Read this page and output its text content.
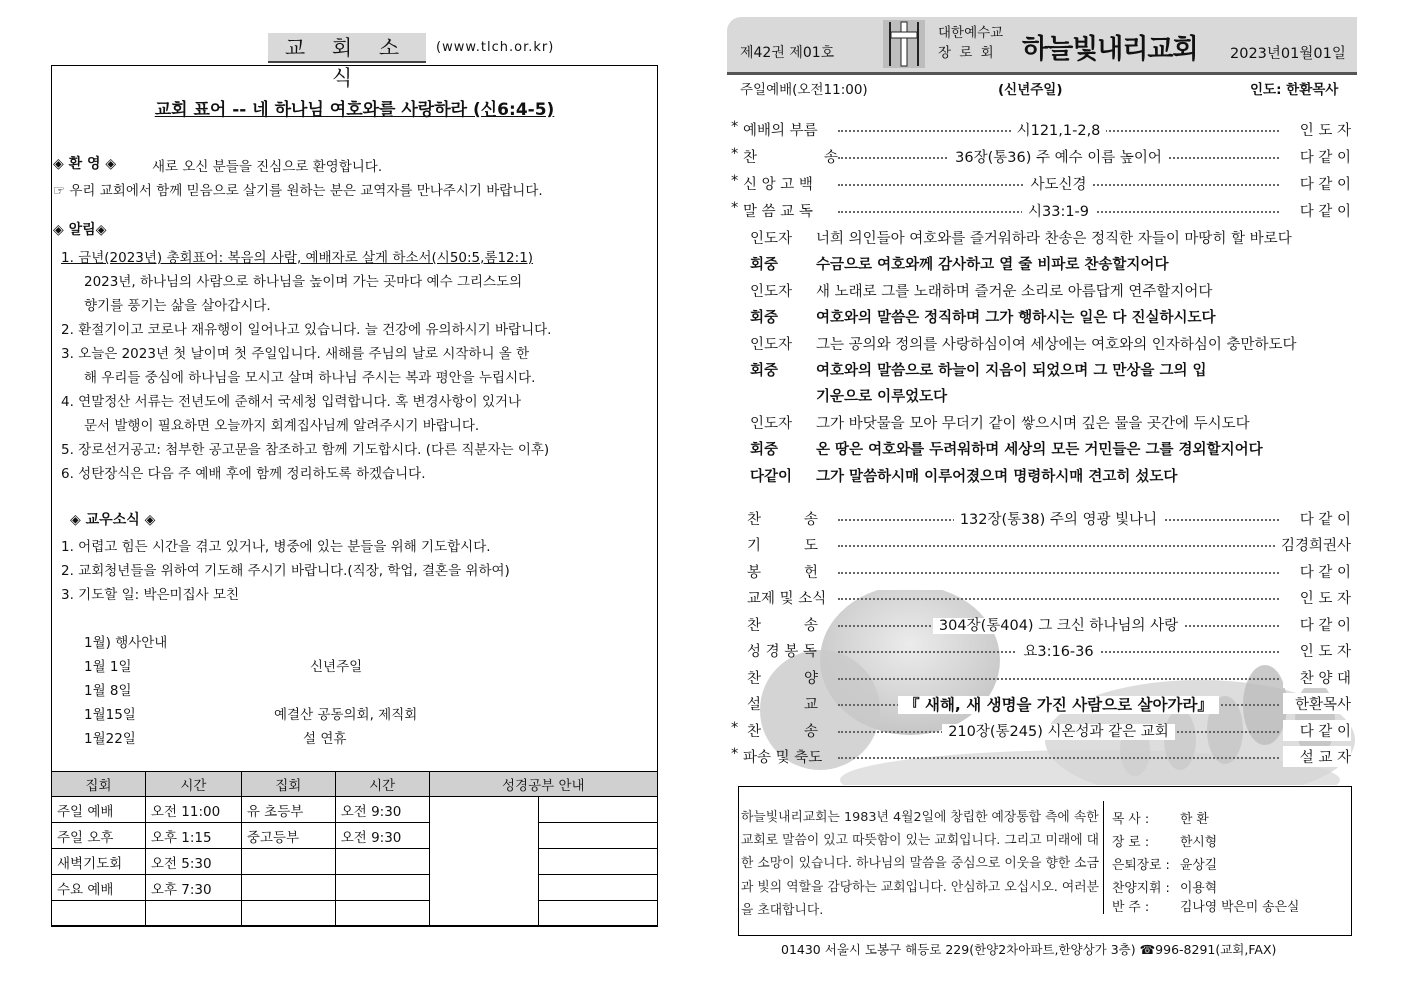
교 회 소 식
(www.tlch.or.kr)
교회 표어 -- 네 하나님 여호와를 사랑하라 (신6:4-5)
◈ 환 영 ◈	새로 오신 분들을 진심으로 환영합니다.
☞ 우리 교회에서 함께 믿음으로 살기를 원하는 분은 교역자를 만나주시기 바랍니다.
◈ 알림◈
1. 금년(2023년) 총회표어: 복음의 사람, 예배자로 살게 하소서(시50:5,롬12:1)
2023년, 하나님의 사람으로 하나님을 높이며 가는 곳마다 예수 그리스도의
향기를 풍기는 삶을 살아갑시다.
2. 환절기이고 코로나 재유행이 일어나고 있습니다. 늘 건강에 유의하시기 바랍니다.
3. 오늘은 2023년 첫 날이며 첫 주일입니다. 새해를 주님의 날로 시작하니 올 한
해 우리들 중심에 하나님을 모시고 살며 하나님 주시는 복과 평안을 누립시다.
4. 연말정산 서류는 전년도에 준해서 국세청 입력합니다. 혹 변경사항이 있거나
문서 발행이 필요하면 오늘까지 회계집사님께 알려주시기 바랍니다.
5. 장로선거공고: 첨부한 공고문을 참조하고 함께 기도합시다. (다른 직분자는 이후)
6. 성탄장식은 다음 주 예배 후에 함께 정리하도록 하겠습니다.
◈ 교우소식 ◈
1. 어렵고 힘든 시간을 겪고 있거나, 병중에 있는 분들을 위해 기도합시다.
2. 교회청년들을 위하여 기도해 주시기 바랍니다.(직장, 학업, 결혼을 위하여)
3. 기도할 일: 박은미집사 모친
1월) 행사안내
1월 1일	신년주일
1월 8일
1월15일	예결산 공동의회, 제직회
1월22일	설 연휴
집회	시간	집회	시간	성경공부 안내	
주일 예배	오전 11:00	유 초등부	오전 9:30		
주일 오후	오후 1:15	중고등부	오전 9:30		
새벽기도회	오전 5:30				
수요 예배	오후 7:30				

제42권 제01호
대한예수교
장 로 회 하늘빛내리교회 2023년01월01일
주일예배(오전11:00)	(신년주일)	인도: 한환목사
* 예배의 부름	시121,1-2,8	인 도 자
* 찬	송	36장(통36) 주 예수 이름 높이어	다 같 이
* 신 앙 고 백	사도신경	다 같 이
* 말 씀 교 독	시33:1-9	다 같 이
인도자 너희 의인들아 여호와를 즐거워하라 찬송은 정직한 자들이 마땅히 할 바로다
회중	수금으로 여호와께 감사하고 열 줄 비파로 찬송할지어다
인도자 새 노래로 그를 노래하며 즐거운 소리로 아름답게 연주할지어다
회중	여호와의 말씀은 정직하며 그가 행하시는 일은 다 진실하시도다
인도자 그는 공의와 정의를 사랑하심이여 세상에는 여호와의 인자하심이 충만하도다
회중	여호와의 말씀으로 하늘이 지음이 되었으며 그 만상을 그의 입
기운으로 이루었도다
인도자 그가 바닷물을 모아 무더기 같이 쌓으시며 깊은 물을 곳간에 두시도다
회중	온 땅은 여호와를 두려워하며 세상의 모든 거민들은 그를 경외할지어다
다같이 그가 말씀하시매 이루어졌으며 명령하시매 견고히 섰도다
찬	송	132장(통38) 주의 영광 빛나니	다 같 이
기	도	김경희권사
봉	헌	다 같 이
교제 및 소식	인 도 자
찬	송	304장(통404) 그 크신 하나님의 사랑	다 같 이
성 경 봉 독	요3:16-36	인 도 자
찬	양	찬 양 대
설	교	『 새해, 새 생명을 가진 사람으로 살아가라』	한환목사
* 찬	송	210장(통245) 시온성과 같은 교회	다 같 이
* 파송 및 축도	설 교 자
하늘빛내리교회는 1983년 4월2일에 창립한 예장통합 측에 속한 교회로 말씀이 있고 따뜻함이 있는 교회입니다. 그리고 미래에 대한 소망이 있습니다. 하나님의 말씀을 중심으로 이웃을 향한 소금과 빛의 역할을 감당하는 교회입니다. 안심하고 오십시오. 여러분을 초대합니다.
목 사 : 한 환
장 로 : 한시형
은퇴장로 : 윤상길
찬양지휘 : 이용혁
반 주 : 김나영 박은미 송은실
01430 서울시 도봉구 해등로 229(한양2차아파트,한양상가 3층) ☎996-8291(교회,FAX)
